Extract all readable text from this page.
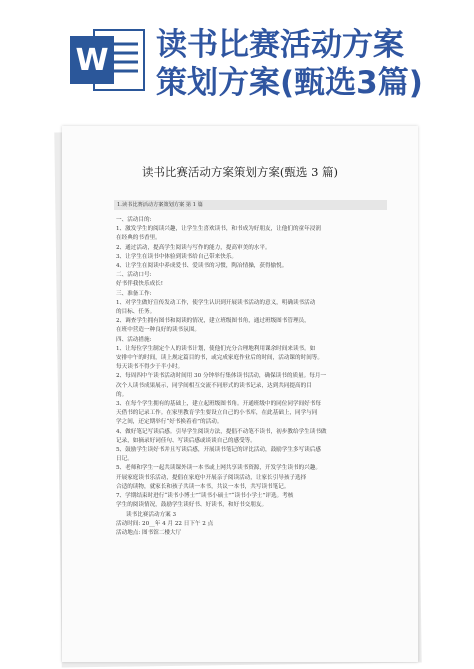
W 读书比赛活动方案
策划方案(甄选3篇)
读书比赛活动方案策划方案(甄选 3 篇)
1.读书比赛活动方案策划方案 第 1 篇

一、活动目的:

1、激发学生的阅读兴趣，让学生生喜欢读书，和书成为好朋友，让他们的童年浸润

在经典的书香里。

2、通过活动，提高学生阅读与写作的能力，提高审美的水平。

3、让学生在读书中体验到读书给自己带来快乐。

4、让学生在阅读中养成爱书、爱读书的习惯，陶冶情操，获得愉悦。

二、活动口号:

好书伴我快乐成长!

三、准备工作:

1、对学生做好宣传发动工作，使学生认识到开展读书活动的意义，明确读书活动

的目标、任务。

2、调查学生拥有图书和阅读的情况，建立班级图书角，通过班级图书管理员，

在班中营造一种良好的读书氛围。

四、活动措施:

1、让每位学生制定个人的读书计划，使他们充分合理地利用课余时间来读书。如

安排中午的时间，读上规定篇目的书，或完成家庭作业后的时间，活动课的时间等。

每天读书不得少于半小时。

2、每周四中午读书活动时间用 30 分钟举行集体读书活动，确保读书的质量。每月一

次个人读书成果展示，同学间相互交流不同形式的读书记录，达到共同提高的目

的。

3、在每个学生拥有的基础上，建立起班级图书角。开通班级中的同位同学间好书每

天借书的记录工作。在家里教育学生要设立自己的小书库，在此基础上，同学与同

学之间，还定期举行“好书换着看”的活动。

4、做好笔记写读后感。引导学生阅读方法，提倡不动笔不读书，初步教给学生读书做

记录，如摘录好词佳句、写读后感或谈谈自己的感受等。

5、鼓励学生读好书并且写读后感，开展读书笔记的评比活动，鼓励学生多写读后感

日记。

5、老师和学生一起共读课外读一本书或上网共享读书资源，开发学生读书的兴趣。

开展家庭读书乐活动，提倡在家庭中开展亲子阅读活动，让家长引导孩子选择

合适的读物，就家长和孩子共读一本书，共议一本书，共写读书笔记。

7、学期结束时进行“读书小博士”“读书小硕士”“读书小学士”评选。考核

学生的阅读情况，鼓励学生读好书、好读书，和好书交朋友。

读书比赛活动方案 3

活动时间: 20__年 4 月 22 日下午 2 点

活动地点: 图书馆二楼大厅
